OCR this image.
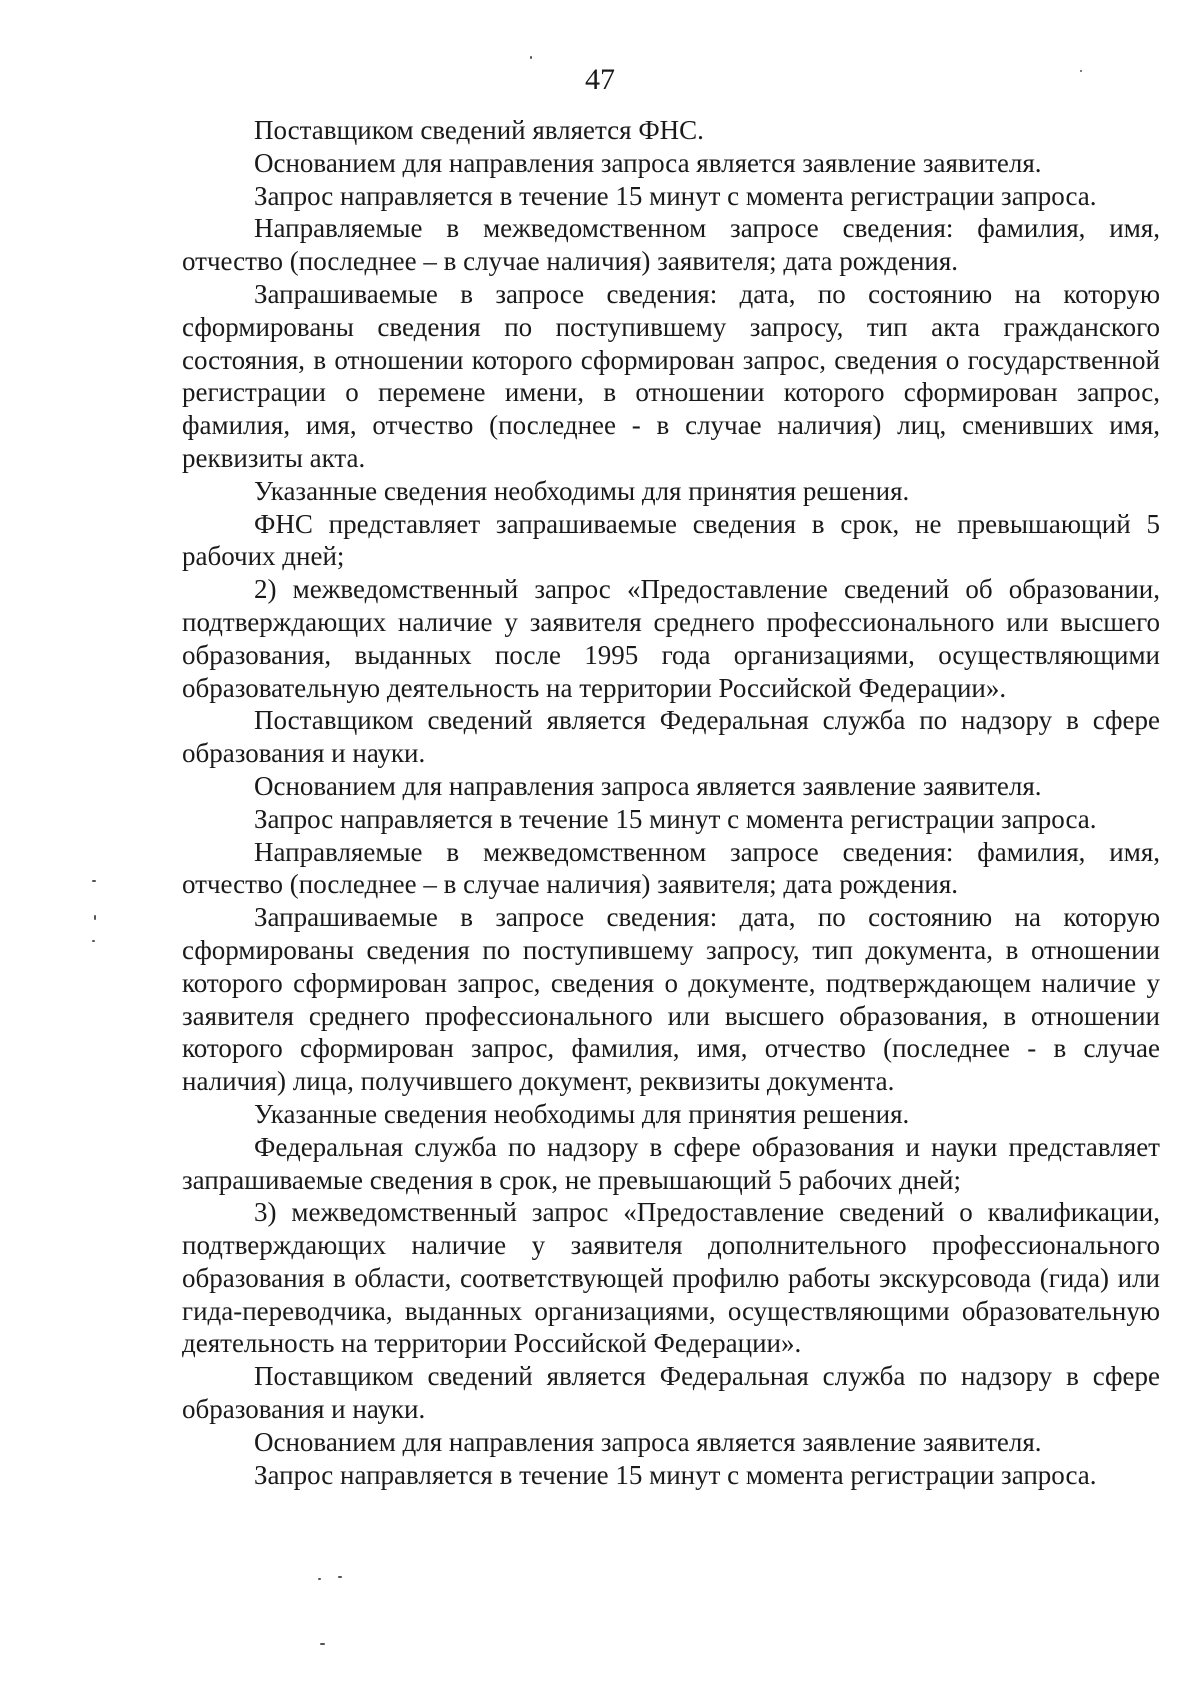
47

Поставщиком сведений является ФНС.

Основанием для направления запроса является заявление заявителя.

Запрос направляется в течение 15 минут с момента регистрации запроса.

Направляемые в межведомственном запросе сведения: фамилия, имя, отчество (последнее – в случае наличия) заявителя; дата рождения.

Запрашиваемые в запросе сведения: дата, по состоянию на которую сформированы сведения по поступившему запросу, тип акта гражданского состояния, в отношении которого сформирован запрос, сведения о государственной регистрации о перемене имени, в отношении которого сформирован запрос, фамилия, имя, отчество (последнее - в случае наличия) лиц, сменивших имя, реквизиты акта.

Указанные сведения необходимы для принятия решения.

ФНС представляет запрашиваемые сведения в срок, не превышающий 5 рабочих дней;

2) межведомственный запрос «Предоставление сведений об образовании, подтверждающих наличие у заявителя среднего профессионального или высшего образования, выданных после 1995 года организациями, осуществляющими образовательную деятельность на территории Российской Федерации».

Поставщиком сведений является Федеральная служба по надзору в сфере образования и науки.

Основанием для направления запроса является заявление заявителя.

Запрос направляется в течение 15 минут с момента регистрации запроса.

Направляемые в межведомственном запросе сведения: фамилия, имя, отчество (последнее – в случае наличия) заявителя; дата рождения.

Запрашиваемые в запросе сведения: дата, по состоянию на которую сформированы сведения по поступившему запросу, тип документа, в отношении которого сформирован запрос, сведения о документе, подтверждающем наличие у заявителя среднего профессионального или высшего образования, в отношении которого сформирован запрос, фамилия, имя, отчество (последнее - в случае наличия) лица, получившего документ, реквизиты документа.

Указанные сведения необходимы для принятия решения.

Федеральная служба по надзору в сфере образования и науки представляет запрашиваемые сведения в срок, не превышающий 5 рабочих дней;

3) межведомственный запрос «Предоставление сведений о квалификации, подтверждающих наличие у заявителя дополнительного профессионального образования в области, соответствующей профилю работы экскурсовода (гида) или гида-переводчика, выданных организациями, осуществляющими образовательную деятельность на территории Российской Федерации».

Поставщиком сведений является Федеральная служба по надзору в сфере образования и науки.

Основанием для направления запроса является заявление заявителя.

Запрос направляется в течение 15 минут с момента регистрации запроса.
